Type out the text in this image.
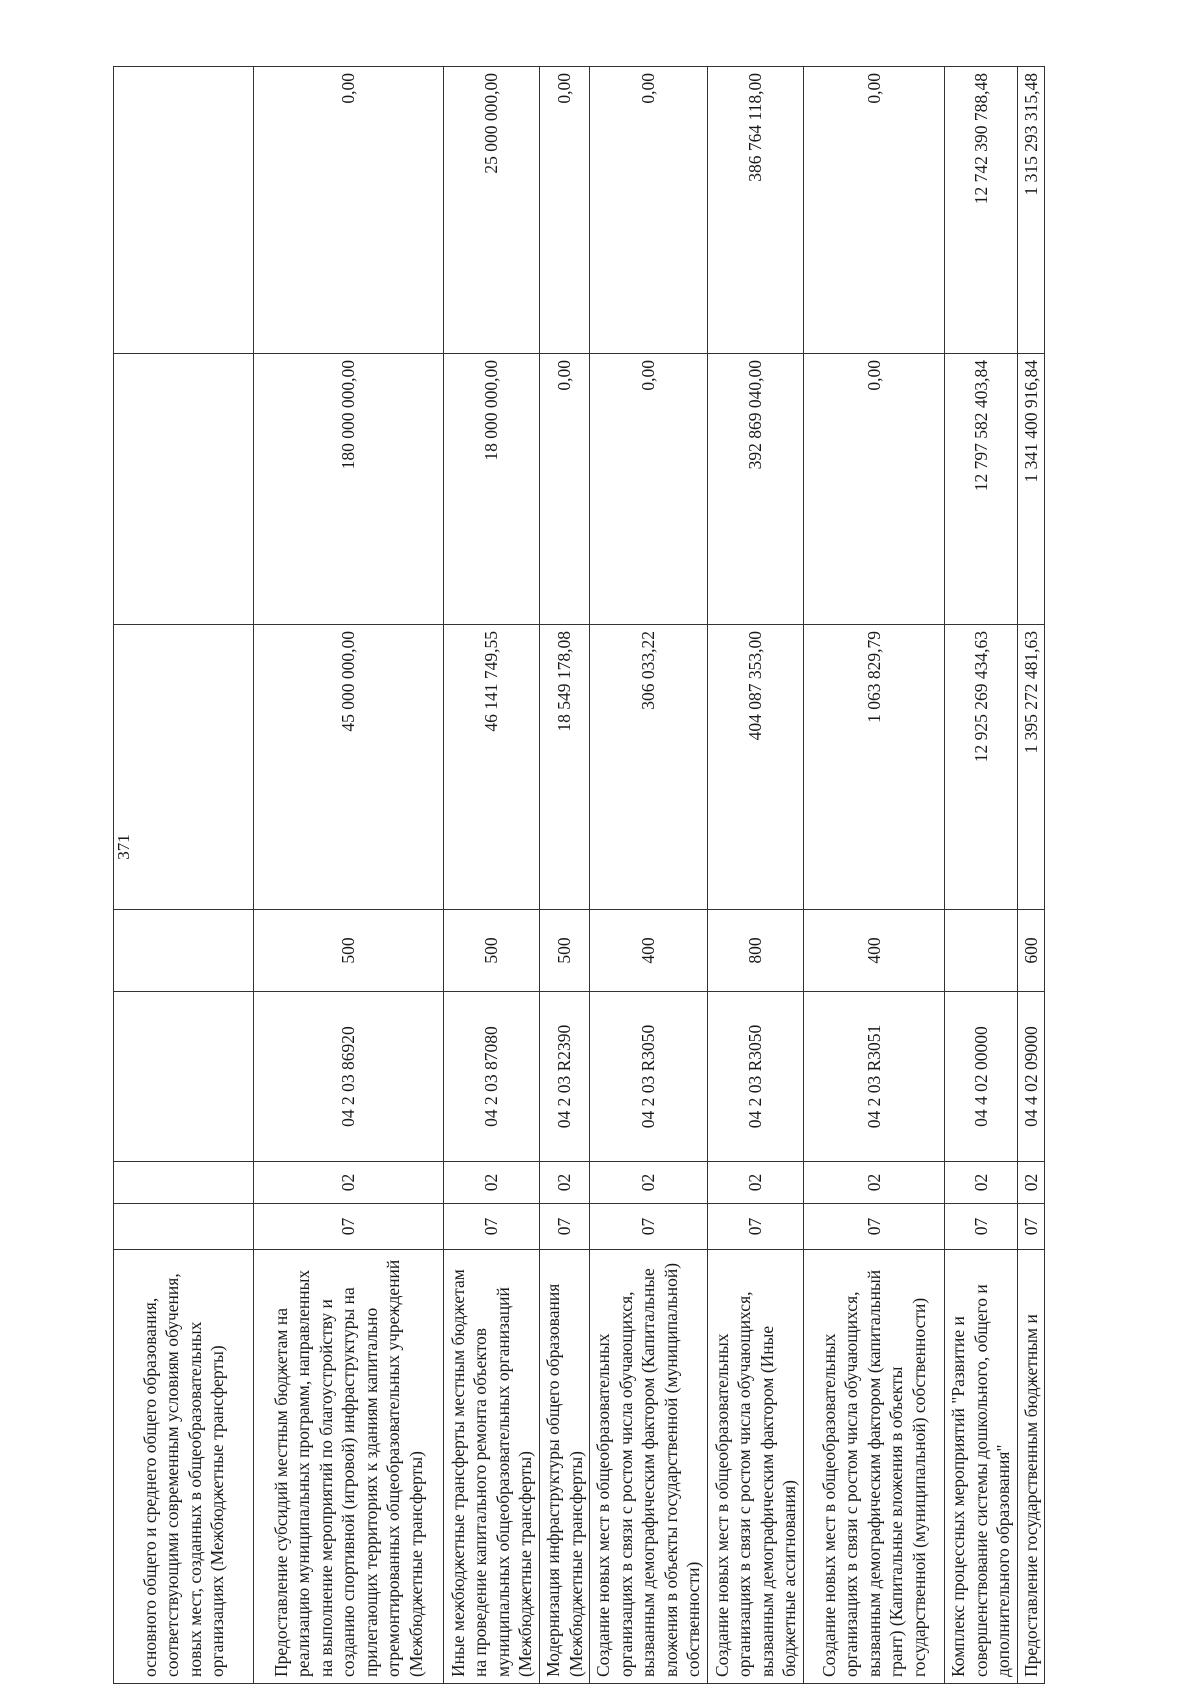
371
основного общего и среднего общего образования, соответствующими современным условиям обучения, новых мест, созданных в общеобразовательных организациях (Межбюджетные трансферты)							
Предоставление субсидий местным бюджетам на реализацию муниципальных программ, направленных на выполнение мероприятий по благоустройству и созданию спортивной (игровой) инфраструктуры на прилегающих территориях к зданиям капитально отремонтированных общеобразовательных учреждений (Межбюджетные трансферты)	07	02	04 2 03 86920	500	45 000 000,00	180 000 000,00	0,00
Иные межбюджетные трансферты местным бюджетам на проведение капитального ремонта объектов муниципальных общеобразовательных организаций (Межбюджетные трансферты)	07	02	04 2 03 87080	500	46 141 749,55	18 000 000,00	25 000 000,00
Модернизация инфраструктуры общего образования (Межбюджетные трансферты)	07	02	04 2 03 R2390	500	18 549 178,08	0,00	0,00
Создание новых мест в общеобразовательных организациях в связи с ростом числа обучающихся, вызванным демографическим фактором (Капитальные вложения в объекты государственной (муниципальной) собственности)	07	02	04 2 03 R3050	400	306 033,22	0,00	0,00
Создание новых мест в общеобразовательных организациях в связи с ростом числа обучающихся, вызванным демографическим фактором (Иные бюджетные ассигнования)	07	02	04 2 03 R3050	800	404 087 353,00	392 869 040,00	386 764 118,00
Создание новых мест в общеобразовательных организациях в связи с ростом числа обучающихся, вызванным демографическим фактором (капитальный грант) (Капитальные вложения в объекты государственной (муниципальной) собственности)	07	02	04 2 03 R3051	400	1 063 829,79	0,00	0,00
Комплекс процессных мероприятий "Развитие и совершенствование системы дошкольного, общего и дополнительного образования"	07	02	04 4 02 00000		12 925 269 434,63	12 797 582 403,84	12 742 390 788,48
Предоставление государственным бюджетным и	07	02	04 4 02 09000	600	1 395 272 481,63	1 341 400 916,84	1 315 293 315,48
